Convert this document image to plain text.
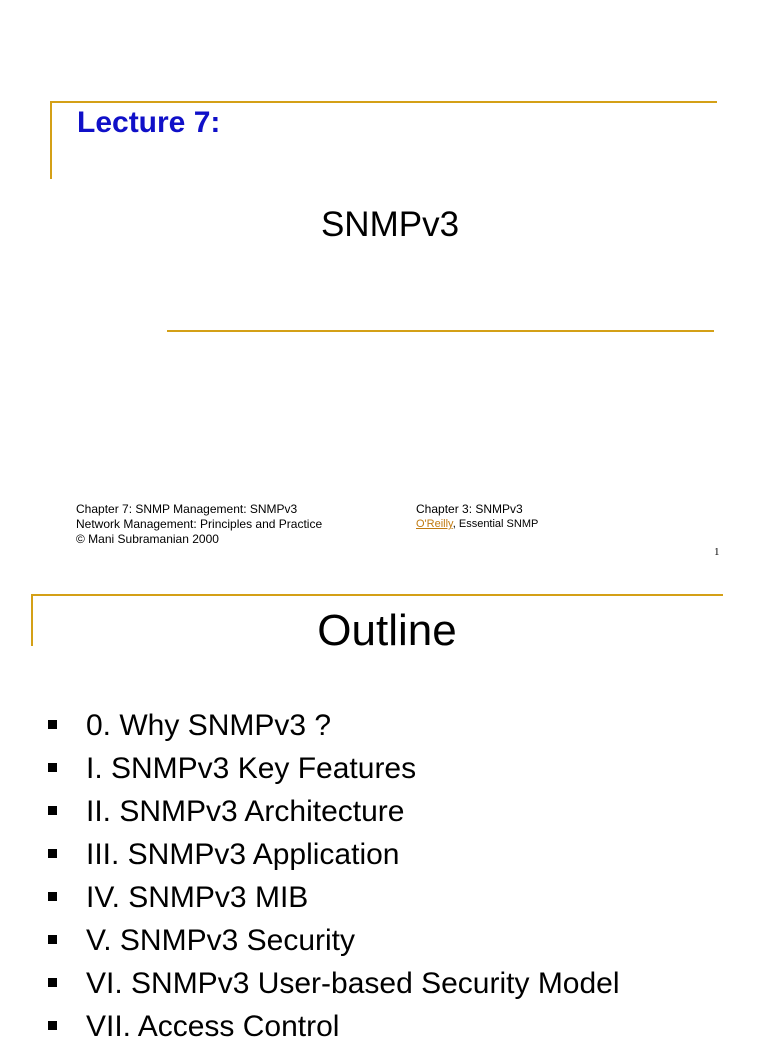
Lecture 7:
SNMPv3
Chapter 7: SNMP Management: SNMPv3
Network Management: Principles and Practice
© Mani Subramanian 2000
Chapter 3: SNMPv3
O'Reilly, Essential SNMP
1
Outline
0. Why SNMPv3 ?
I. SNMPv3 Key Features
II. SNMPv3 Architecture
III. SNMPv3 Application
IV. SNMPv3 MIB
V. SNMPv3 Security
VI. SNMPv3 User-based Security Model
VII. Access Control
